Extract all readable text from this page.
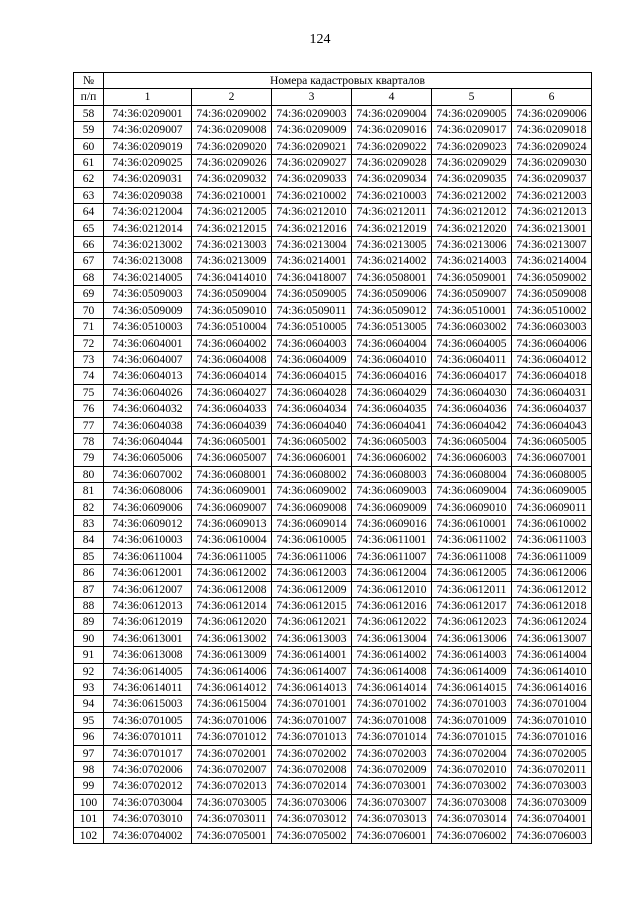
124
№	Номера кадастровых кварталов					
п/п	1	2	3	4	5	6
58	74:36:0209001	74:36:0209002	74:36:0209003	74:36:0209004	74:36:0209005	74:36:0209006
59	74:36:0209007	74:36:0209008	74:36:0209009	74:36:0209016	74:36:0209017	74:36:0209018
60	74:36:0209019	74:36:0209020	74:36:0209021	74:36:0209022	74:36:0209023	74:36:0209024
61	74:36:0209025	74:36:0209026	74:36:0209027	74:36:0209028	74:36:0209029	74:36:0209030
62	74:36:0209031	74:36:0209032	74:36:0209033	74:36:0209034	74:36:0209035	74:36:0209037
63	74:36:0209038	74:36:0210001	74:36:0210002	74:36:0210003	74:36:0212002	74:36:0212003
64	74:36:0212004	74:36:0212005	74:36:0212010	74:36:0212011	74:36:0212012	74:36:0212013
65	74:36:0212014	74:36:0212015	74:36:0212016	74:36:0212019	74:36:0212020	74:36:0213001
66	74:36:0213002	74:36:0213003	74:36:0213004	74:36:0213005	74:36:0213006	74:36:0213007
67	74:36:0213008	74:36:0213009	74:36:0214001	74:36:0214002	74:36:0214003	74:36:0214004
68	74:36:0214005	74:36:0414010	74:36:0418007	74:36:0508001	74:36:0509001	74:36:0509002
69	74:36:0509003	74:36:0509004	74:36:0509005	74:36:0509006	74:36:0509007	74:36:0509008
70	74:36:0509009	74:36:0509010	74:36:0509011	74:36:0509012	74:36:0510001	74:36:0510002
71	74:36:0510003	74:36:0510004	74:36:0510005	74:36:0513005	74:36:0603002	74:36:0603003
72	74:36:0604001	74:36:0604002	74:36:0604003	74:36:0604004	74:36:0604005	74:36:0604006
73	74:36:0604007	74:36:0604008	74:36:0604009	74:36:0604010	74:36:0604011	74:36:0604012
74	74:36:0604013	74:36:0604014	74:36:0604015	74:36:0604016	74:36:0604017	74:36:0604018
75	74:36:0604026	74:36:0604027	74:36:0604028	74:36:0604029	74:36:0604030	74:36:0604031
76	74:36:0604032	74:36:0604033	74:36:0604034	74:36:0604035	74:36:0604036	74:36:0604037
77	74:36:0604038	74:36:0604039	74:36:0604040	74:36:0604041	74:36:0604042	74:36:0604043
78	74:36:0604044	74:36:0605001	74:36:0605002	74:36:0605003	74:36:0605004	74:36:0605005
79	74:36:0605006	74:36:0605007	74:36:0606001	74:36:0606002	74:36:0606003	74:36:0607001
80	74:36:0607002	74:36:0608001	74:36:0608002	74:36:0608003	74:36:0608004	74:36:0608005
81	74:36:0608006	74:36:0609001	74:36:0609002	74:36:0609003	74:36:0609004	74:36:0609005
82	74:36:0609006	74:36:0609007	74:36:0609008	74:36:0609009	74:36:0609010	74:36:0609011
83	74:36:0609012	74:36:0609013	74:36:0609014	74:36:0609016	74:36:0610001	74:36:0610002
84	74:36:0610003	74:36:0610004	74:36:0610005	74:36:0611001	74:36:0611002	74:36:0611003
85	74:36:0611004	74:36:0611005	74:36:0611006	74:36:0611007	74:36:0611008	74:36:0611009
86	74:36:0612001	74:36:0612002	74:36:0612003	74:36:0612004	74:36:0612005	74:36:0612006
87	74:36:0612007	74:36:0612008	74:36:0612009	74:36:0612010	74:36:0612011	74:36:0612012
88	74:36:0612013	74:36:0612014	74:36:0612015	74:36:0612016	74:36:0612017	74:36:0612018
89	74:36:0612019	74:36:0612020	74:36:0612021	74:36:0612022	74:36:0612023	74:36:0612024
90	74:36:0613001	74:36:0613002	74:36:0613003	74:36:0613004	74:36:0613006	74:36:0613007
91	74:36:0613008	74:36:0613009	74:36:0614001	74:36:0614002	74:36:0614003	74:36:0614004
92	74:36:0614005	74:36:0614006	74:36:0614007	74:36:0614008	74:36:0614009	74:36:0614010
93	74:36:0614011	74:36:0614012	74:36:0614013	74:36:0614014	74:36:0614015	74:36:0614016
94	74:36:0615003	74:36:0615004	74:36:0701001	74:36:0701002	74:36:0701003	74:36:0701004
95	74:36:0701005	74:36:0701006	74:36:0701007	74:36:0701008	74:36:0701009	74:36:0701010
96	74:36:0701011	74:36:0701012	74:36:0701013	74:36:0701014	74:36:0701015	74:36:0701016
97	74:36:0701017	74:36:0702001	74:36:0702002	74:36:0702003	74:36:0702004	74:36:0702005
98	74:36:0702006	74:36:0702007	74:36:0702008	74:36:0702009	74:36:0702010	74:36:0702011
99	74:36:0702012	74:36:0702013	74:36:0702014	74:36:0703001	74:36:0703002	74:36:0703003
100	74:36:0703004	74:36:0703005	74:36:0703006	74:36:0703007	74:36:0703008	74:36:0703009
101	74:36:0703010	74:36:0703011	74:36:0703012	74:36:0703013	74:36:0703014	74:36:0704001
102	74:36:0704002	74:36:0705001	74:36:0705002	74:36:0706001	74:36:0706002	74:36:0706003
